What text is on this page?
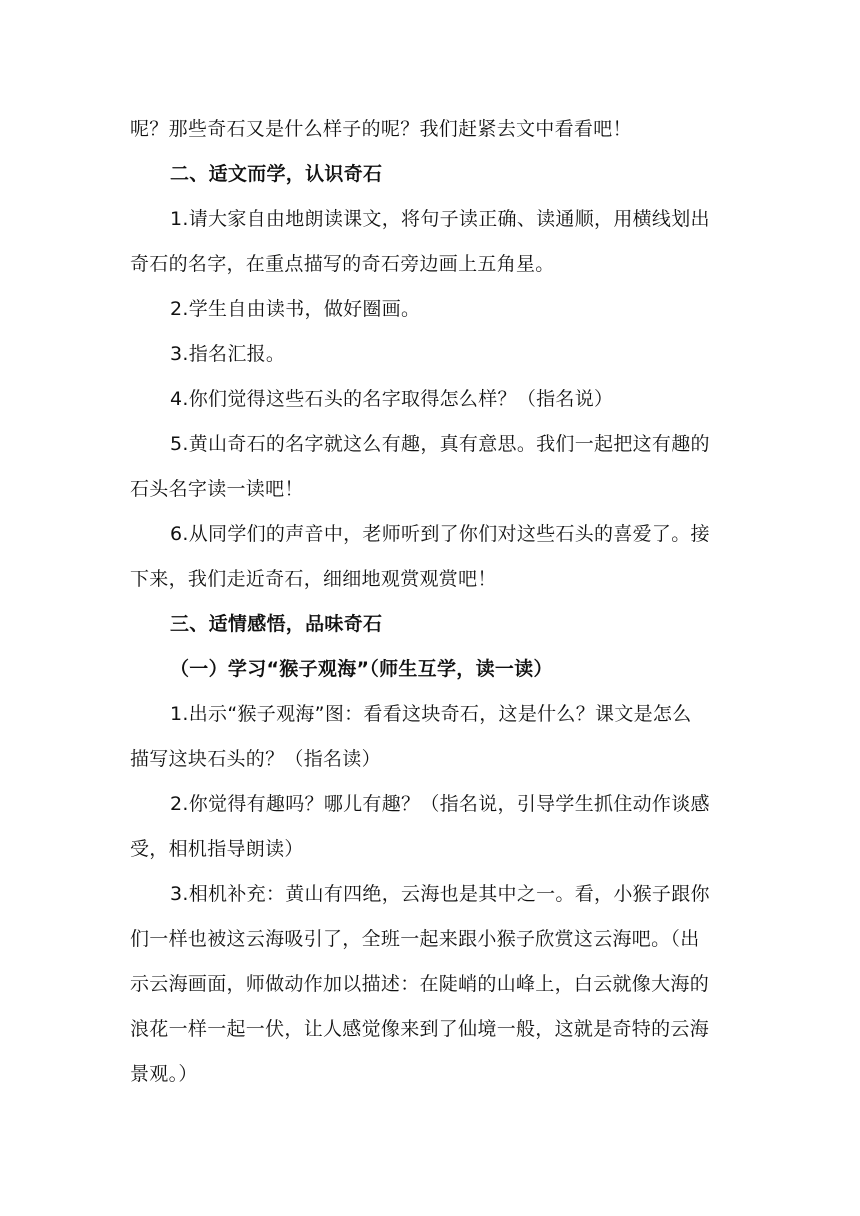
呢？那些奇石又是什么样子的呢？我们赶紧去文中看看吧！

二、适文而学，认识奇石

1.请大家自由地朗读课文，将句子读正确、读通顺，用横线划出

奇石的名字，在重点描写的奇石旁边画上五角星。

2.学生自由读书，做好圈画。

3.指名汇报。

4.你们觉得这些石头的名字取得怎么样？（指名说）

5.黄山奇石的名字就这么有趣，真有意思。我们一起把这有趣的

石头名字读一读吧！

6.从同学们的声音中，老师听到了你们对这些石头的喜爱了。接

下来，我们走近奇石，细细地观赏观赏吧！

三、适情感悟，品味奇石

（一）学习“猴子观海”（师生互学，读一读）

1.出示“猴子观海”图：看看这块奇石，这是什么？课文是怎么

描写这块石头的？（指名读）

2.你觉得有趣吗？哪儿有趣？（指名说，引导学生抓住动作谈感

受，相机指导朗读）

3.相机补充：黄山有四绝，云海也是其中之一。看，小猴子跟你

们一样也被这云海吸引了，全班一起来跟小猴子欣赏这云海吧。（出

示云海画面，师做动作加以描述：在陡峭的山峰上，白云就像大海的

浪花一样一起一伏，让人感觉像来到了仙境一般，这就是奇特的云海

景观。）
